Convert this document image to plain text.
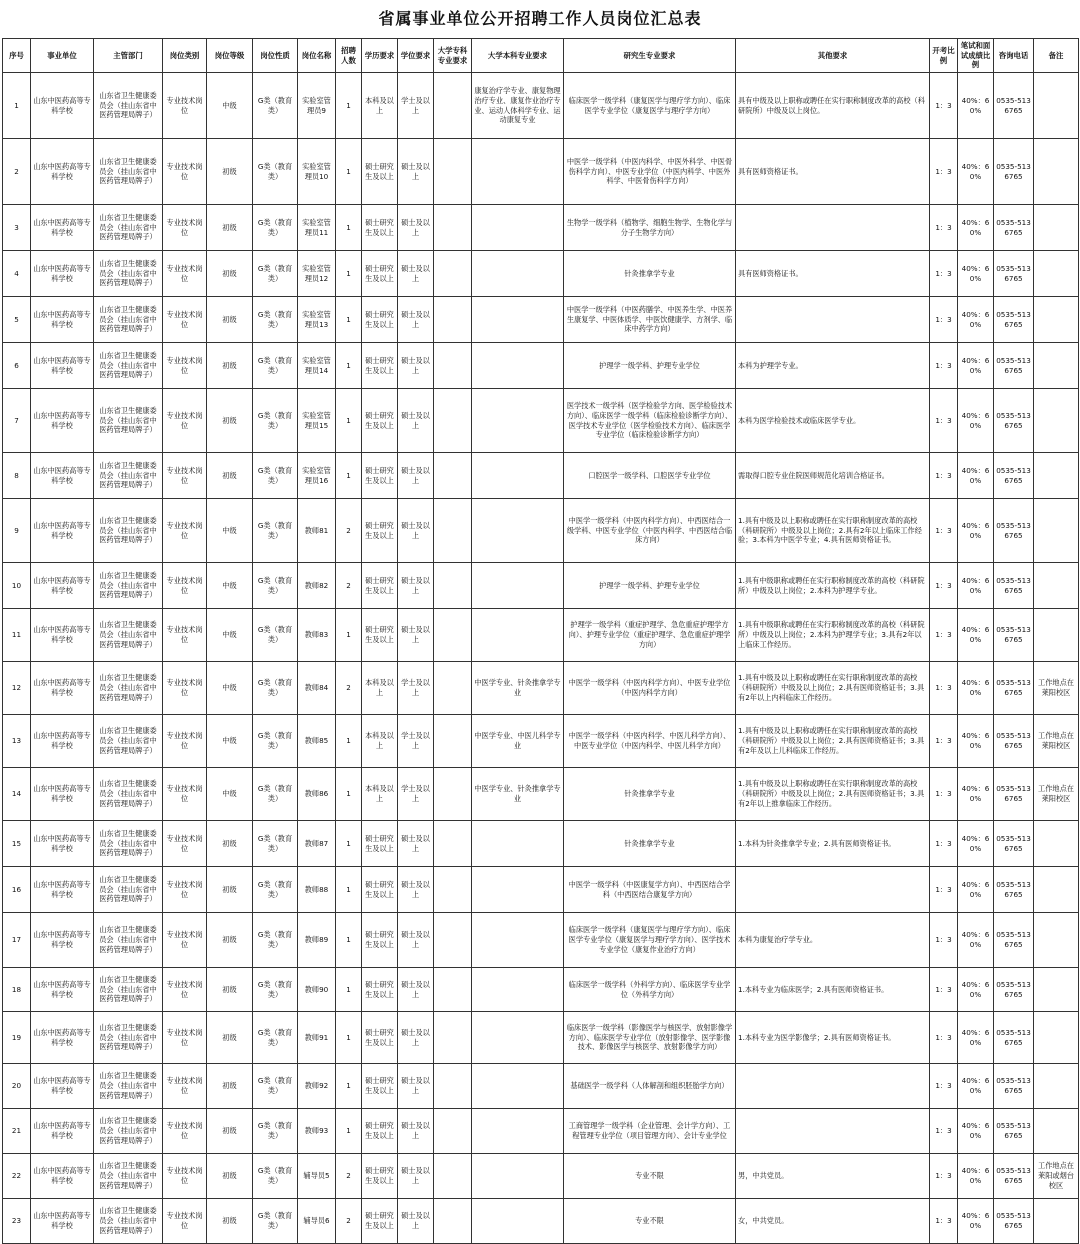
省属事业单位公开招聘工作人员岗位汇总表
序号	事业单位	主管部门	岗位类别	岗位等级	岗位性质	岗位名称	招聘人数	学历要求	学位要求	大学专科专业要求	大学本科专业要求	研究生专业要求	其他要求	开考比例	笔试和面试成绩比例	咨询电话	备注
1	山东中医药高等专科学校	山东省卫生健康委员会（挂山东省中医药管理局牌子）	专业技术岗位	中级	G类（教育类）	实验室管理员9	1	本科及以上	学士及以上		康复治疗学专业、康复物理治疗专业、康复作业治疗专业、运动人体科学专业、运动康复专业	临床医学一级学科（康复医学与理疗学方向）、临床医学专业学位（康复医学与理疗学方向）	具有中级及以上职称或聘任在实行职称制度改革的高校（科研院所）中级及以上岗位。	1：3	40%：60%	0535-5136765	
2	山东中医药高等专科学校	山东省卫生健康委员会（挂山东省中医药管理局牌子）	专业技术岗位	初级	G类（教育类）	实验室管理员10	1	硕士研究生及以上	硕士及以上			中医学一级学科（中医内科学、中医外科学、中医骨伤科学方向）、中医专业学位（中医内科学、中医外科学、中医骨伤科学方向）	具有医师资格证书。	1：3	40%：60%	0535-5136765	
3	山东中医药高等专科学校	山东省卫生健康委员会（挂山东省中医药管理局牌子）	专业技术岗位	初级	G类（教育类）	实验室管理员11	1	硕士研究生及以上	硕士及以上			生物学一级学科（植物学、细胞生物学、生物化学与分子生物学方向）		1：3	40%：60%	0535-5136765	
4	山东中医药高等专科学校	山东省卫生健康委员会（挂山东省中医药管理局牌子）	专业技术岗位	初级	G类（教育类）	实验室管理员12	1	硕士研究生及以上	硕士及以上			针灸推拿学专业	具有医师资格证书。	1：3	40%：60%	0535-5136765	
5	山东中医药高等专科学校	山东省卫生健康委员会（挂山东省中医药管理局牌子）	专业技术岗位	初级	G类（教育类）	实验室管理员13	1	硕士研究生及以上	硕士及以上			中医学一级学科（中医药膳学、中医养生学、中医养生康复学、中医体质学、中医饮健康学、方剂学、临床中药学方向）		1：3	40%：60%	0535-5136765	
6	山东中医药高等专科学校	山东省卫生健康委员会（挂山东省中医药管理局牌子）	专业技术岗位	初级	G类（教育类）	实验室管理员14	1	硕士研究生及以上	硕士及以上			护理学一级学科、护理专业学位	本科为护理学专业。	1：3	40%：60%	0535-5136765	
7	山东中医药高等专科学校	山东省卫生健康委员会（挂山东省中医药管理局牌子）	专业技术岗位	初级	G类（教育类）	实验室管理员15	1	硕士研究生及以上	硕士及以上			医学技术一级学科（医学检验学方向、医学检验技术方向）、临床医学一级学科（临床检验诊断学方向）、医学技术专业学位（医学检验技术方向）、临床医学专业学位（临床检验诊断学方向）	本科为医学检验技术或临床医学专业。	1：3	40%：60%	0535-5136765	
8	山东中医药高等专科学校	山东省卫生健康委员会（挂山东省中医药管理局牌子）	专业技术岗位	初级	G类（教育类）	实验室管理员16	1	硕士研究生及以上	硕士及以上			口腔医学一级学科、口腔医学专业学位	需取得口腔专业住院医师规范化培训合格证书。	1：3	40%：60%	0535-5136765	
9	山东中医药高等专科学校	山东省卫生健康委员会（挂山东省中医药管理局牌子）	专业技术岗位	中级	G类（教育类）	教师81	2	硕士研究生及以上	硕士及以上			中医学一级学科（中医内科学方向）、中西医结合一级学科、中医专业学位（中医内科学、中西医结合临床方向）	1.具有中级及以上职称或聘任在实行职称制度改革的高校（科研院所）中级及以上岗位；2.具有2年以上临床工作经验；3.本科为中医学专业；4.具有医师资格证书。	1：3	40%：60%	0535-5136765	
10	山东中医药高等专科学校	山东省卫生健康委员会（挂山东省中医药管理局牌子）	专业技术岗位	中级	G类（教育类）	教师82	2	硕士研究生及以上	硕士及以上			护理学一级学科、护理专业学位	1.具有中级职称或聘任在实行职称制度改革的高校（科研院所）中级及以上岗位；2.本科为护理学专业。	1：3	40%：60%	0535-5136765	
11	山东中医药高等专科学校	山东省卫生健康委员会（挂山东省中医药管理局牌子）	专业技术岗位	中级	G类（教育类）	教师83	1	硕士研究生及以上	硕士及以上			护理学一级学科（重症护理学、急危重症护理学方向）、护理专业学位（重症护理学、急危重症护理学方向）	1.具有中级职称或聘任在实行职称制度改革的高校（科研院所）中级及以上岗位；2.本科为护理学专业；3.具有2年以上临床工作经历。	1：3	40%：60%	0535-5136765	
12	山东中医药高等专科学校	山东省卫生健康委员会（挂山东省中医药管理局牌子）	专业技术岗位	中级	G类（教育类）	教师84	2	本科及以上	学士及以上		中医学专业、针灸推拿学专业	中医学一级学科（中医内科学方向）、中医专业学位（中医内科学方向）	1.具有中级及以上职称或聘任在实行职称制度改革的高校（科研院所）中级及以上岗位；2.具有医师资格证书；3.具有2年以上内科临床工作经历。	1：3	40%：60%	0535-5136765	工作地点在莱阳校区
13	山东中医药高等专科学校	山东省卫生健康委员会（挂山东省中医药管理局牌子）	专业技术岗位	中级	G类（教育类）	教师85	1	本科及以上	学士及以上		中医学专业、中医儿科学专业	中医学一级学科（中医内科学、中医儿科学方向）、中医专业学位（中医内科学、中医儿科学方向）	1.具有中级及以上职称或聘任在实行职称制度改革的高校（科研院所）中级及以上岗位；2.具有医师资格证书；3.具有2年及以上儿科临床工作经历。	1：3	40%：60%	0535-5136765	工作地点在莱阳校区
14	山东中医药高等专科学校	山东省卫生健康委员会（挂山东省中医药管理局牌子）	专业技术岗位	中级	G类（教育类）	教师86	1	本科及以上	学士及以上		中医学专业、针灸推拿学专业	针灸推拿学专业	1.具有中级及以上职称或聘任在实行职称制度改革的高校（科研院所）中级及以上岗位；2.具有医师资格证书；3.具有2年以上推拿临床工作经历。	1：3	40%：60%	0535-5136765	工作地点在莱阳校区
15	山东中医药高等专科学校	山东省卫生健康委员会（挂山东省中医药管理局牌子）	专业技术岗位	初级	G类（教育类）	教师87	1	硕士研究生及以上	硕士及以上			针灸推拿学专业	1.本科为针灸推拿学专业；2.具有医师资格证书。	1：3	40%：60%	0535-5136765	
16	山东中医药高等专科学校	山东省卫生健康委员会（挂山东省中医药管理局牌子）	专业技术岗位	初级	G类（教育类）	教师88	1	硕士研究生及以上	硕士及以上			中医学一级学科（中医康复学方向）、中西医结合学科（中西医结合康复学方向）		1：3	40%：60%	0535-5136765	
17	山东中医药高等专科学校	山东省卫生健康委员会（挂山东省中医药管理局牌子）	专业技术岗位	初级	G类（教育类）	教师89	1	硕士研究生及以上	硕士及以上			临床医学一级学科（康复医学与理疗学方向）、临床医学专业学位（康复医学与理疗学方向）、医学技术专业学位（康复作业治疗方向）	本科为康复治疗学专业。	1：3	40%：60%	0535-5136765	
18	山东中医药高等专科学校	山东省卫生健康委员会（挂山东省中医药管理局牌子）	专业技术岗位	初级	G类（教育类）	教师90	1	硕士研究生及以上	硕士及以上			临床医学一级学科（外科学方向）、临床医学专业学位（外科学方向）	1.本科专业为临床医学；2.具有医师资格证书。	1：3	40%：60%	0535-5136765	
19	山东中医药高等专科学校	山东省卫生健康委员会（挂山东省中医药管理局牌子）	专业技术岗位	初级	G类（教育类）	教师91	1	硕士研究生及以上	硕士及以上			临床医学一级学科（影像医学与核医学、放射影像学方向）、临床医学专业学位（放射影像学、医学影像技术、影像医学与核医学、放射影像学方向）	1.本科专业为医学影像学；2.具有医师资格证书。	1：3	40%：60%	0535-5136765	
20	山东中医药高等专科学校	山东省卫生健康委员会（挂山东省中医药管理局牌子）	专业技术岗位	初级	G类（教育类）	教师92	1	硕士研究生及以上	硕士及以上			基础医学一级学科（人体解剖和组织胚胎学方向）		1：3	40%：60%	0535-5136765	
21	山东中医药高等专科学校	山东省卫生健康委员会（挂山东省中医药管理局牌子）	专业技术岗位	初级	G类（教育类）	教师93	1	硕士研究生及以上	硕士及以上			工商管理学一级学科（企业管理、会计学方向）、工程管理专业学位（项目管理方向）、会计专业学位		1：3	40%：60%	0535-5136765	
22	山东中医药高等专科学校	山东省卫生健康委员会（挂山东省中医药管理局牌子）	专业技术岗位	初级	G类（教育类）	辅导员5	2	硕士研究生及以上	硕士及以上			专业不限	男，中共党员。	1：3	40%：60%	0535-5136765	工作地点在莱阳或烟台校区
23	山东中医药高等专科学校	山东省卫生健康委员会（挂山东省中医药管理局牌子）	专业技术岗位	初级	G类（教育类）	辅导员6	2	硕士研究生及以上	硕士及以上			专业不限	女，中共党员。	1：3	40%：60%	0535-5136765	
